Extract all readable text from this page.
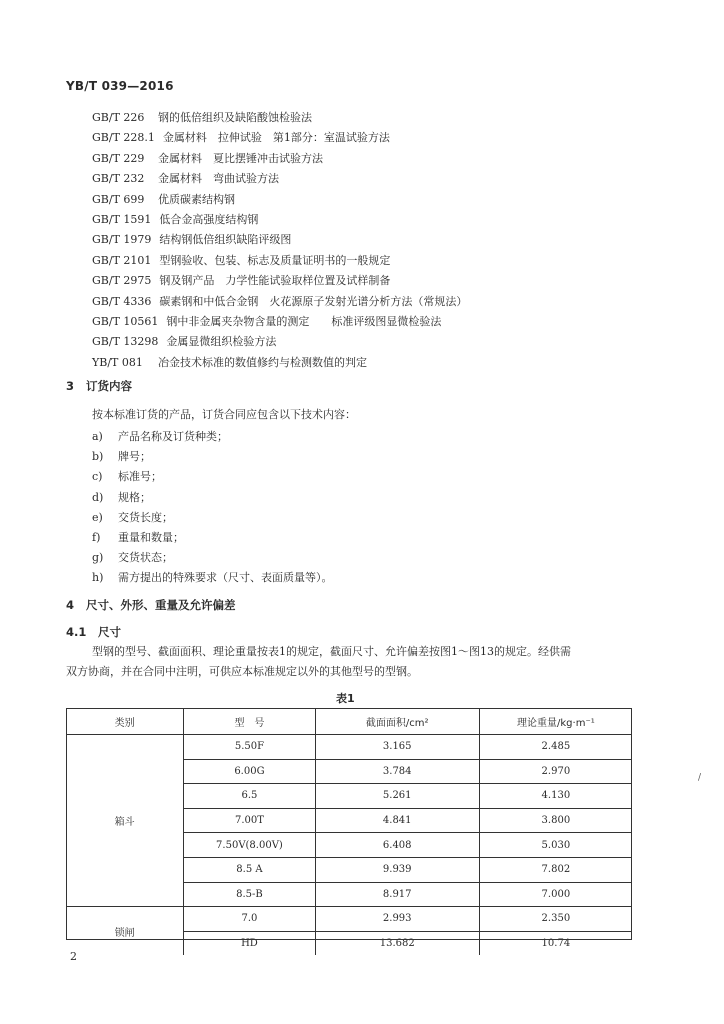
YB/T 039—2016
GB/T 226 钢的低倍组织及缺陷酸蚀检验法
GB/T 228.1 金属材料　拉伸试验　第1部分：室温试验方法
GB/T 229 金属材料　夏比摆锤冲击试验方法
GB/T 232 金属材料　弯曲试验方法
GB/T 699 优质碳素结构钢
GB/T 1591 低合金高强度结构钢
GB/T 1979 结构钢低倍组织缺陷评级图
GB/T 2101 型钢验收、包装、标志及质量证明书的一般规定
GB/T 2975 钢及钢产品　力学性能试验取样位置及试样制备
GB/T 4336 碳素钢和中低合金钢　火花源原子发射光谱分析方法（常规法）
GB/T 10561 钢中非金属夹杂物含量的测定　　标准评级图显微检验法
GB/T 13298 金属显微组织检验方法
YB/T 081 冶金技术标准的数值修约与检测数值的判定
3 订货内容
按本标准订货的产品，订货合同应包含以下技术内容：
a) 产品名称及订货种类；
b) 牌号；
c) 标准号；
d) 规格；
e) 交货长度；
f) 重量和数量；
g) 交货状态；
h) 需方提出的特殊要求（尺寸、表面质量等）。
4 尺寸、外形、重量及允许偏差
4.1 尺寸
型钢的型号、截面面积、理论重量按表1的规定，截面尺寸、允许偏差按图1～图13的规定。经供需
双方协商，并在合同中注明，可供应本标准规定以外的其他型号的型钢。
表1
类别	型　号	截面面积/cm²	理论重量/kg·m⁻¹
箱斗	5.50F	3.165	2.485
	6.00G	3.784	2.970
	6.5	5.261	4.130
	7.00T	4.841	3.800
	7.50V(8.00V)	6.408	5.030
	8.5 A	9.939	7.802
	8.5-B	8.917	7.000
锁闸	7.0	2.993	2.350
	HD	13.682	10.74
/
2
